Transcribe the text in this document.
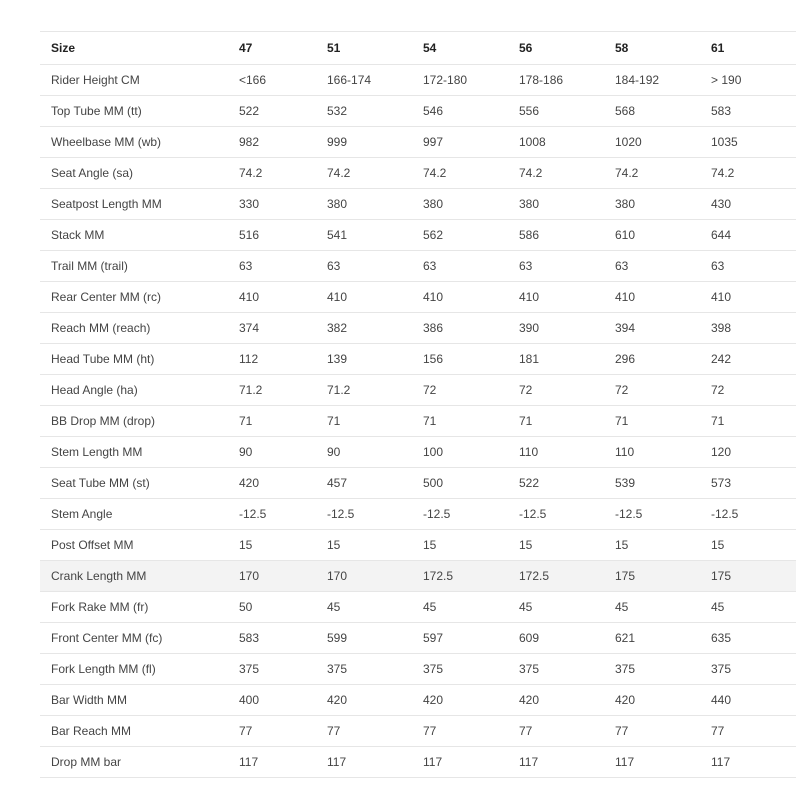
Size	47	51	54	56	58	61
Rider Height CM	<166	166-174	172-180	178-186	184-192	> 190
Top Tube MM (tt)	522	532	546	556	568	583
Wheelbase MM (wb)	982	999	997	1008	1020	1035
Seat Angle (sa)	74.2	74.2	74.2	74.2	74.2	74.2
Seatpost Length MM	330	380	380	380	380	430
Stack MM	516	541	562	586	610	644
Trail MM (trail)	63	63	63	63	63	63
Rear Center MM (rc)	410	410	410	410	410	410
Reach MM (reach)	374	382	386	390	394	398
Head Tube MM (ht)	112	139	156	181	296	242
Head Angle (ha)	71.2	71.2	72	72	72	72
BB Drop MM (drop)	71	71	71	71	71	71
Stem Length MM	90	90	100	110	110	120
Seat Tube MM (st)	420	457	500	522	539	573
Stem Angle	-12.5	-12.5	-12.5	-12.5	-12.5	-12.5
Post Offset MM	15	15	15	15	15	15
Crank Length MM	170	170	172.5	172.5	175	175
Fork Rake MM (fr)	50	45	45	45	45	45
Front Center MM (fc)	583	599	597	609	621	635
Fork Length MM (fl)	375	375	375	375	375	375
Bar Width MM	400	420	420	420	420	440
Bar Reach MM	77	77	77	77	77	77
Drop MM bar	117	117	117	117	117	117
